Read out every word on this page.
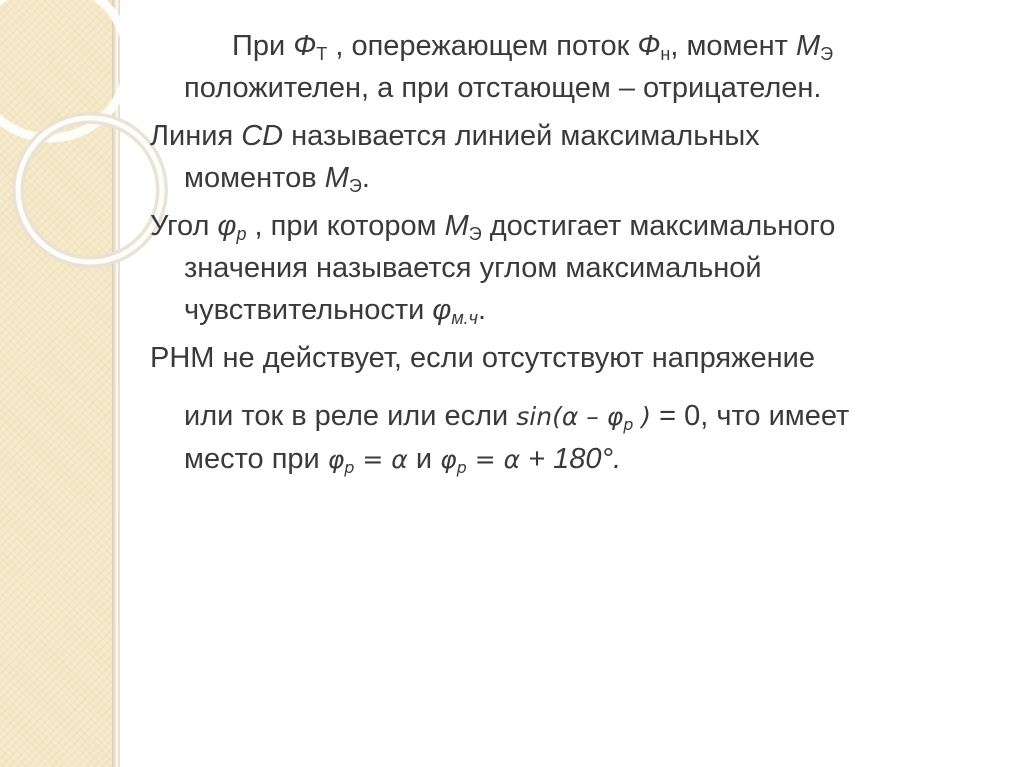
При $Ф_Т$ , опережающем поток $Ф_н$, момент $М_Э$
положителен, а при отстающем – отрицателен.
Линия CD называется линией максимальных
моментов $М_Э$.
Угол $\varphi_р$ , при котором $М_Э$ достигает максимального
значения называется углом максимальной
чувствительности $\varphi_{м.ч}$.
РНМ не действует, если отсутствуют напряжение
или ток в реле или если sin(α – φр ) = 0, что имеет
место при φр = α и φр = α + 180°.
